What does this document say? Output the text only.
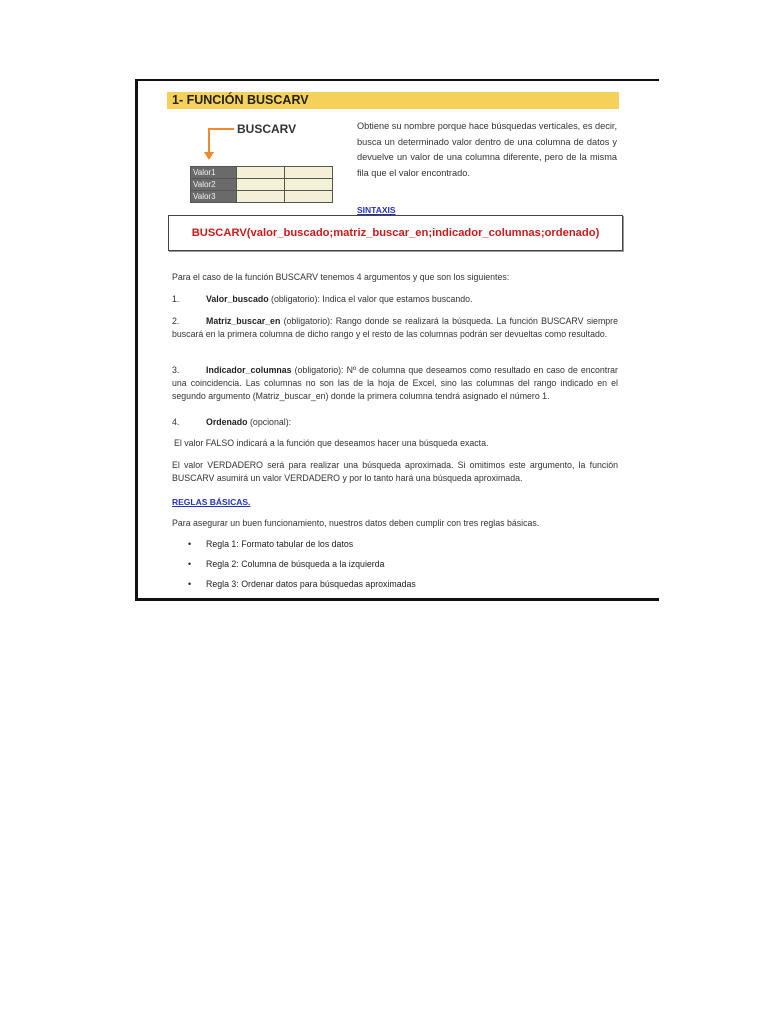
1- FUNCIÓN BUSCARV
BUSCARV
Valor1		
Valor2		
Valor3		
Obtiene su nombre porque hace búsquedas verticales, es decir, busca un determinado valor dentro de una columna de datos y devuelve un valor de una columna diferente, pero de la misma fila que el valor encontrado.
SINTAXIS
BUSCARV(valor_buscado;matriz_buscar_en;indicador_columnas;ordenado)
Para el caso de la función BUSCARV tenemos 4 argumentos y que son los siguientes:
1.	Valor_buscado (obligatorio): Indica el valor que estamos buscando.
2.	Matriz_buscar_en (obligatorio): Rango donde se realizará la búsqueda. La función BUSCARV siempre buscará en la primera columna de dicho rango y el resto de las columnas podrán ser devueltas como resultado.
3.	Indicador_columnas (obligatorio): Nº de columna que deseamos como resultado en caso de encontrar una coincidencia. Las columnas no son las de la hoja de Excel, sino las columnas del rango indicado en el segundo argumento (Matriz_buscar_en) donde la primera columna tendrá asignado el número 1.
4.	Ordenado (opcional):
El valor FALSO indicará a la función que deseamos hacer una búsqueda exacta.
El valor VERDADERO será para realizar una búsqueda aproximada. Si omitimos este argumento, la función BUSCARV asumirá un valor VERDADERO y por lo tanto hará una búsqueda aproximada.
REGLAS BÁSICAS.
Para asegurar un buen funcionamiento, nuestros datos deben cumplir con tres reglas básicas.
• Regla 1: Formato tabular de los datos
• Regla 2: Columna de búsqueda a la izquierda
• Regla 3: Ordenar datos para búsquedas aproximadas
